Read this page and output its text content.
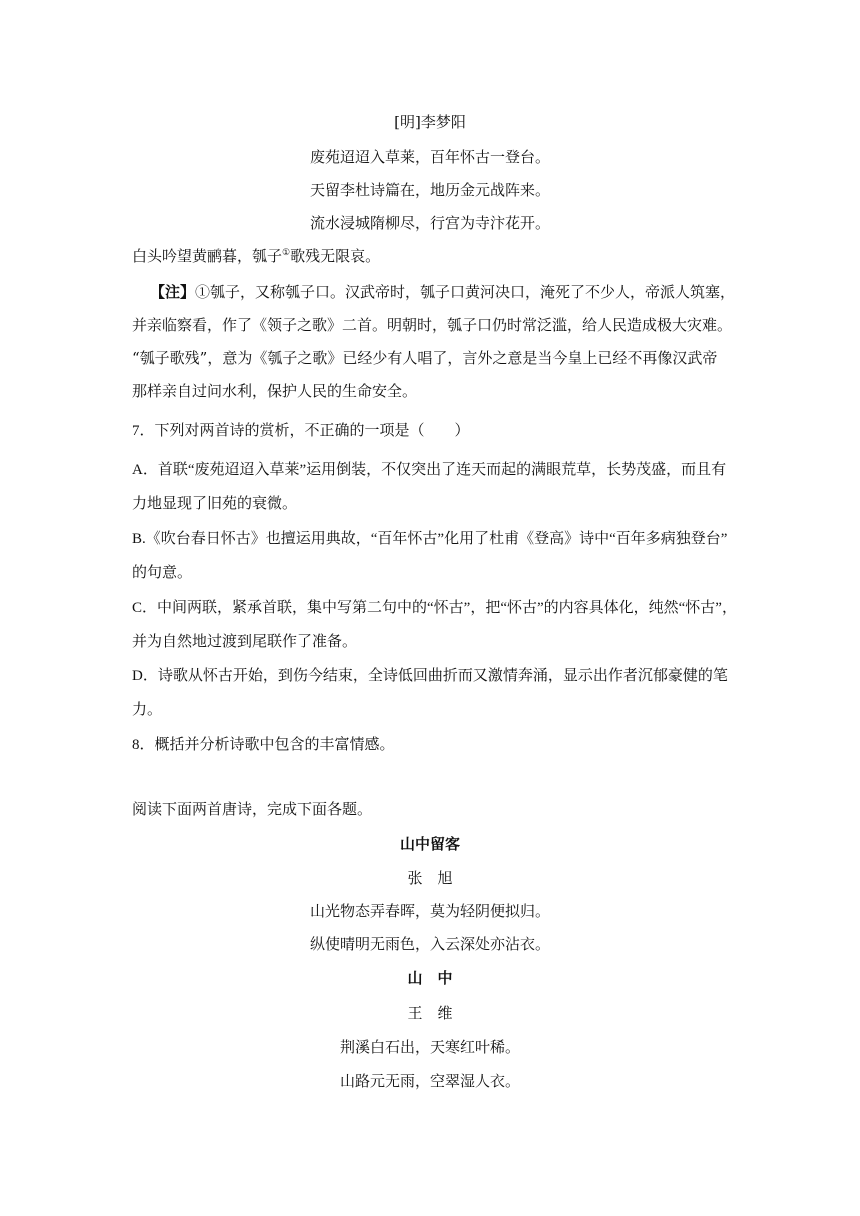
[明]李梦阳
废苑迢迢入草莱，百年怀古一登台。
天留李杜诗篇在，地历金元战阵来。
流水浸城隋柳尽，行宫为寺汴花开。
白头吟望黄鹂暮，瓠子①歌残无限哀。
【注】①瓠子，又称瓠子口。汉武帝时，瓠子口黄河决口，淹死了不少人，帝派人筑塞，
并亲临察看，作了《领子之歌》二首。明朝时，瓠子口仍时常泛滥，给人民造成极大灾难。
“瓠子歌残”，意为《瓠子之歌》已经少有人唱了，言外之意是当今皇上已经不再像汉武帝
那样亲自过问水利，保护人民的生命安全。
7．下列对两首诗的赏析，不正确的一项是（　　）
A．首联“废苑迢迢入草莱”运用倒装，不仅突出了连天而起的满眼荒草，长势茂盛，而且有
力地显现了旧苑的衰微。
B.《吹台春日怀古》也擅运用典故，“百年怀古”化用了杜甫《登高》诗中“百年多病独登台”
的句意。
C．中间两联，紧承首联，集中写第二句中的“怀古”，把“怀古”的内容具体化，纯然“怀古”，
并为自然地过渡到尾联作了准备。
D．诗歌从怀古开始，到伤今结束，全诗低回曲折而又激情奔涌，显示出作者沉郁豪健的笔
力。
8．概括并分析诗歌中包含的丰富情感。
阅读下面两首唐诗，完成下面各题。
山中留客
张　旭
山光物态弄春晖，莫为轻阴便拟归。
纵使晴明无雨色，入云深处亦沾衣。
山　中
王　维
荆溪白石出，天寒红叶稀。
山路元无雨，空翠湿人衣。
